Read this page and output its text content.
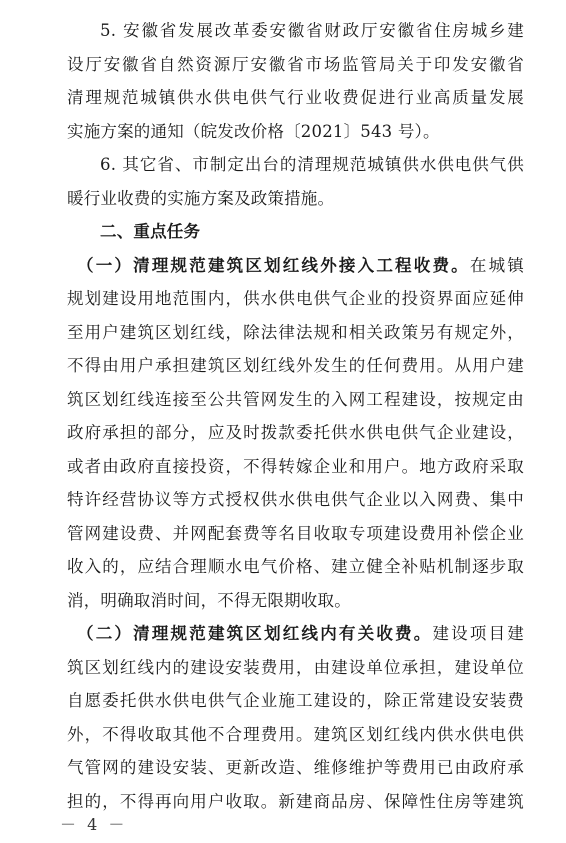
5. 安徽省发展改革委安徽省财政厅安徽省住房城乡建
设厅安徽省自然资源厅安徽省市场监管局关于印发安徽省
清理规范城镇供水供电供气行业收费促进行业高质量发展
实施方案的通知（皖发改价格〔2021〕543 号）。
6. 其它省、市制定出台的清理规范城镇供水供电供气供
暖行业收费的实施方案及政策措施。
二、重点任务
（一）清理规范建筑区划红线外接入工程收费。在城镇
规划建设用地范围内，供水供电供气企业的投资界面应延伸
至用户建筑区划红线，除法律法规和相关政策另有规定外，
不得由用户承担建筑区划红线外发生的任何费用。从用户建
筑区划红线连接至公共管网发生的入网工程建设，按规定由
政府承担的部分，应及时拨款委托供水供电供气企业建设，
或者由政府直接投资，不得转嫁企业和用户。地方政府采取
特许经营协议等方式授权供水供电供气企业以入网费、集中
管网建设费、并网配套费等名目收取专项建设费用补偿企业
收入的，应结合理顺水电气价格、建立健全补贴机制逐步取
消，明确取消时间，不得无限期收取。
（二）清理规范建筑区划红线内有关收费。建设项目建
筑区划红线内的建设安装费用，由建设单位承担，建设单位
自愿委托供水供电供气企业施工建设的，除正常建设安装费
外，不得收取其他不合理费用。建筑区划红线内供水供电供
气管网的建设安装、更新改造、维修维护等费用已由政府承
担的，不得再向用户收取。新建商品房、保障性住房等建筑
－ 4 －
